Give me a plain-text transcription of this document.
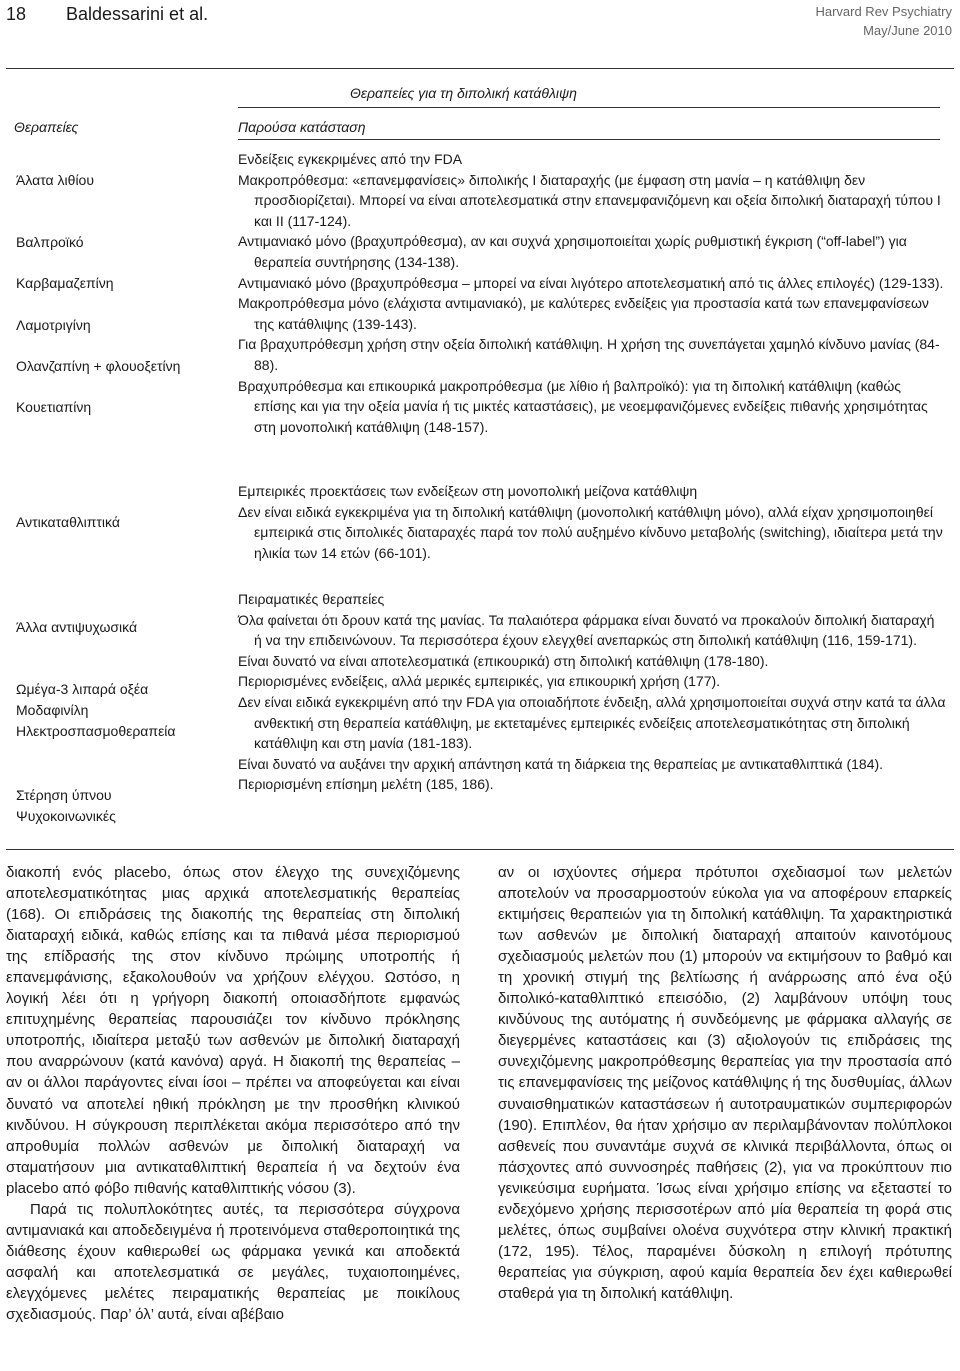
18 Baldessarini et al.	Harvard Rev Psychiatry
May/June 2010
Θεραπείες για τη διπολική κατάθλιψη
Θεραπείες	Παρούσα κατάσταση
Ενδείξεις εγκεκριμένες από την FDA
Μακροπρόθεσμα: «επανεμφανίσεις» διπολικής Ι διαταραχής (με έμφαση στη μανία – η κατάθλιψη δεν προσδιορίζεται). Μπορεί να είναι αποτελεσματικά στην επανεμφανιζόμενη και οξεία διπολική διαταραχή τύπου Ι και ΙΙ (117-124).
Αντιμανιακό μόνο (βραχυπρόθεσμα), αν και συχνά χρησιμοποιείται χωρίς ρυθμιστική έγκριση (“off-label”) για θεραπεία συντήρησης (134-138).
Αντιμανιακό μόνο (βραχυπρόθεσμα – μπορεί να είναι λιγότερο αποτελεσματική από τις άλλες επιλογές) (129-133).
Μακροπρόθεσμα μόνο (ελάχιστα αντιμανιακό), με καλύτερες ενδείξεις για προστασία κατά των επανεμφανίσεων της κατάθλιψης (139-143).
Για βραχυπρόθεσμη χρήση στην οξεία διπολική κατάθλιψη. Η χρήση της συνεπάγεται χαμηλό κίνδυνο μανίας (84-88).
Βραχυπρόθεσμα και επικουρικά μακροπρόθεσμα (με λίθιο ή βαλπροϊκό): για τη διπολική κατάθλιψη (καθώς επίσης και για την οξεία μανία ή τις μικτές καταστάσεις), με νεοεμφανιζόμενες ενδείξεις πιθανής χρησιμότητας στη μονοπολική κατάθλιψη (148-157).
Άλατα λιθίου
Βαλπροϊκό
Καρβαμαζεπίνη
Λαμοτριγίνη
Ολανζαπίνη + φλουοξετίνη
Κουετιαπίνη
Εμπειρικές προεκτάσεις των ενδείξεων στη μονοπολική μείζονα κατάθλιψη
Δεν είναι ειδικά εγκεκριμένα για τη διπολική κατάθλιψη (μονοπολική κατάθλιψη μόνο), αλλά είχαν χρησιμοποιηθεί εμπειρικά στις διπολικές διαταραχές παρά τον πολύ αυξημένο κίνδυνο μεταβολής (switching), ιδιαίτερα μετά την ηλικία των 14 ετών (66-101).
Αντικαταθλιπτικά
Πειραματικές θεραπείες
Όλα φαίνεται ότι δρουν κατά της μανίας. Τα παλαιότερα φάρμακα είναι δυνατό να προκαλούν διπολική διαταραχή ή να την επιδεινώνουν. Τα περισσότερα έχουν ελεγχθεί ανεπαρκώς στη διπολική κατάθλιψη (116, 159-171).
Είναι δυνατό να είναι αποτελεσματικά (επικουρικά) στη διπολική κατάθλιψη (178-180).
Περιορισμένες ενδείξεις, αλλά μερικές εμπειρικές, για επικουρική χρήση (177).
Δεν είναι ειδικά εγκεκριμένη από την FDA για οποιαδήποτε ένδειξη, αλλά χρησιμοποιείται συχνά στην κατά τα άλλα ανθεκτική στη θεραπεία κατάθλιψη, με εκτεταμένες εμπειρικές ενδείξεις αποτελεσματικότητας στη διπολική κατάθλιψη και στη μανία (181-183).
Είναι δυνατό να αυξάνει την αρχική απάντηση κατά τη διάρκεια της θεραπείας με αντικαταθλιπτικά (184).
Περιορισμένη επίσημη μελέτη (185, 186).
Άλλα αντιψυχωσικά
Ωμέγα-3 λιπαρά οξέα
Μοδαφινίλη
Ηλεκτροσπασμοθεραπεία
Στέρηση ύπνου
Ψυχοκοινωνικές

διακοπή ενός placebo, όπως στον έλεγχο της συνεχιζόμενης αποτελεσματικότητας μιας αρχικά αποτελεσματικής θεραπείας (168). Οι επιδράσεις της διακοπής της θεραπείας στη διπολική διαταραχή ειδικά, καθώς επίσης και τα πιθανά μέσα περιορισμού της επίδρασής της στον κίνδυνο πρώιμης υποτροπής ή επανεμφάνισης, εξακολουθούν να χρήζουν ελέγχου. Ωστόσο, η λογική λέει ότι η γρήγορη διακοπή οποιασδήποτε εμφανώς επιτυχημένης θεραπείας παρουσιάζει τον κίνδυνο πρόκλησης υποτροπής, ιδιαίτερα μεταξύ των ασθενών με διπολική διαταραχή που αναρρώνουν (κατά κανόνα) αργά. Η διακοπή της θεραπείας – αν οι άλλοι παράγοντες είναι ίσοι – πρέπει να αποφεύγεται και είναι δυνατό να αποτελεί ηθική πρόκληση με την προσθήκη κλινικού κινδύνου. Η σύγκρουση περιπλέκεται ακόμα περισσότερο από την απροθυμία πολλών ασθενών με διπολική διαταραχή να σταματήσουν μια αντικαταθλιπτική θεραπεία ή να δεχτούν ένα placebo από φόβο πιθανής καταθλιπτικής νόσου (3).

Παρά τις πολυπλοκότητες αυτές, τα περισσότερα σύγχρονα αντιμανιακά και αποδεδειγμένα ή προτεινόμενα σταθεροποιητικά της διάθεσης έχουν καθιερωθεί ως φάρμακα γενικά και αποδεκτά ασφαλή και αποτελεσματικά σε μεγάλες, τυχαιοποιημένες, ελεγχόμενες μελέτες πειραματικής θεραπείας με ποικίλους σχεδιασμούς. Παρ’ όλ’ αυτά, είναι αβέβαιο

αν οι ισχύοντες σήμερα πρότυποι σχεδιασμοί των μελετών αποτελούν να προσαρμοστούν εύκολα για να αποφέρουν επαρκείς εκτιμήσεις θεραπειών για τη διπολική κατάθλιψη. Τα χαρακτηριστικά των ασθενών με διπολική διαταραχή απαιτούν καινοτόμους σχεδιασμούς μελετών που (1) μπορούν να εκτιμήσουν το βαθμό και τη χρονική στιγμή της βελτίωσης ή ανάρρωσης από ένα οξύ διπολικό-καταθλιπτικό επεισόδιο, (2) λαμβάνουν υπόψη τους κινδύνους της αυτόματης ή συνδεόμενης με φάρμακα αλλαγής σε διεγερμένες καταστάσεις και (3) αξιολογούν τις επιδράσεις της συνεχιζόμενης μακροπρόθεσμης θεραπείας για την προστασία από τις επανεμφανίσεις της μείζονος κατάθλιψης ή της δυσθυμίας, άλλων συναισθηματικών καταστάσεων ή αυτοτραυματικών συμπεριφορών (190). Επιπλέον, θα ήταν χρήσιμο αν περιλαμβάνονταν πολύπλοκοι ασθενείς που συναντάμε συχνά σε κλινικά περιβάλλοντα, όπως οι πάσχοντες από συννοσηρές παθήσεις (2), για να προκύπτουν πιο γενικεύσιμα ευρήματα. Ίσως είναι χρήσιμο επίσης να εξεταστεί το ενδεχόμενο χρήσης περισσοτέρων από μία θεραπεία τη φορά στις μελέτες, όπως συμβαίνει ολοένα συχνότερα στην κλινική πρακτική (172, 195). Τέλος, παραμένει δύσκολη η επιλογή πρότυπης θεραπείας για σύγκριση, αφού καμία θεραπεία δεν έχει καθιερωθεί σταθερά για τη διπολική κατάθλιψη.
